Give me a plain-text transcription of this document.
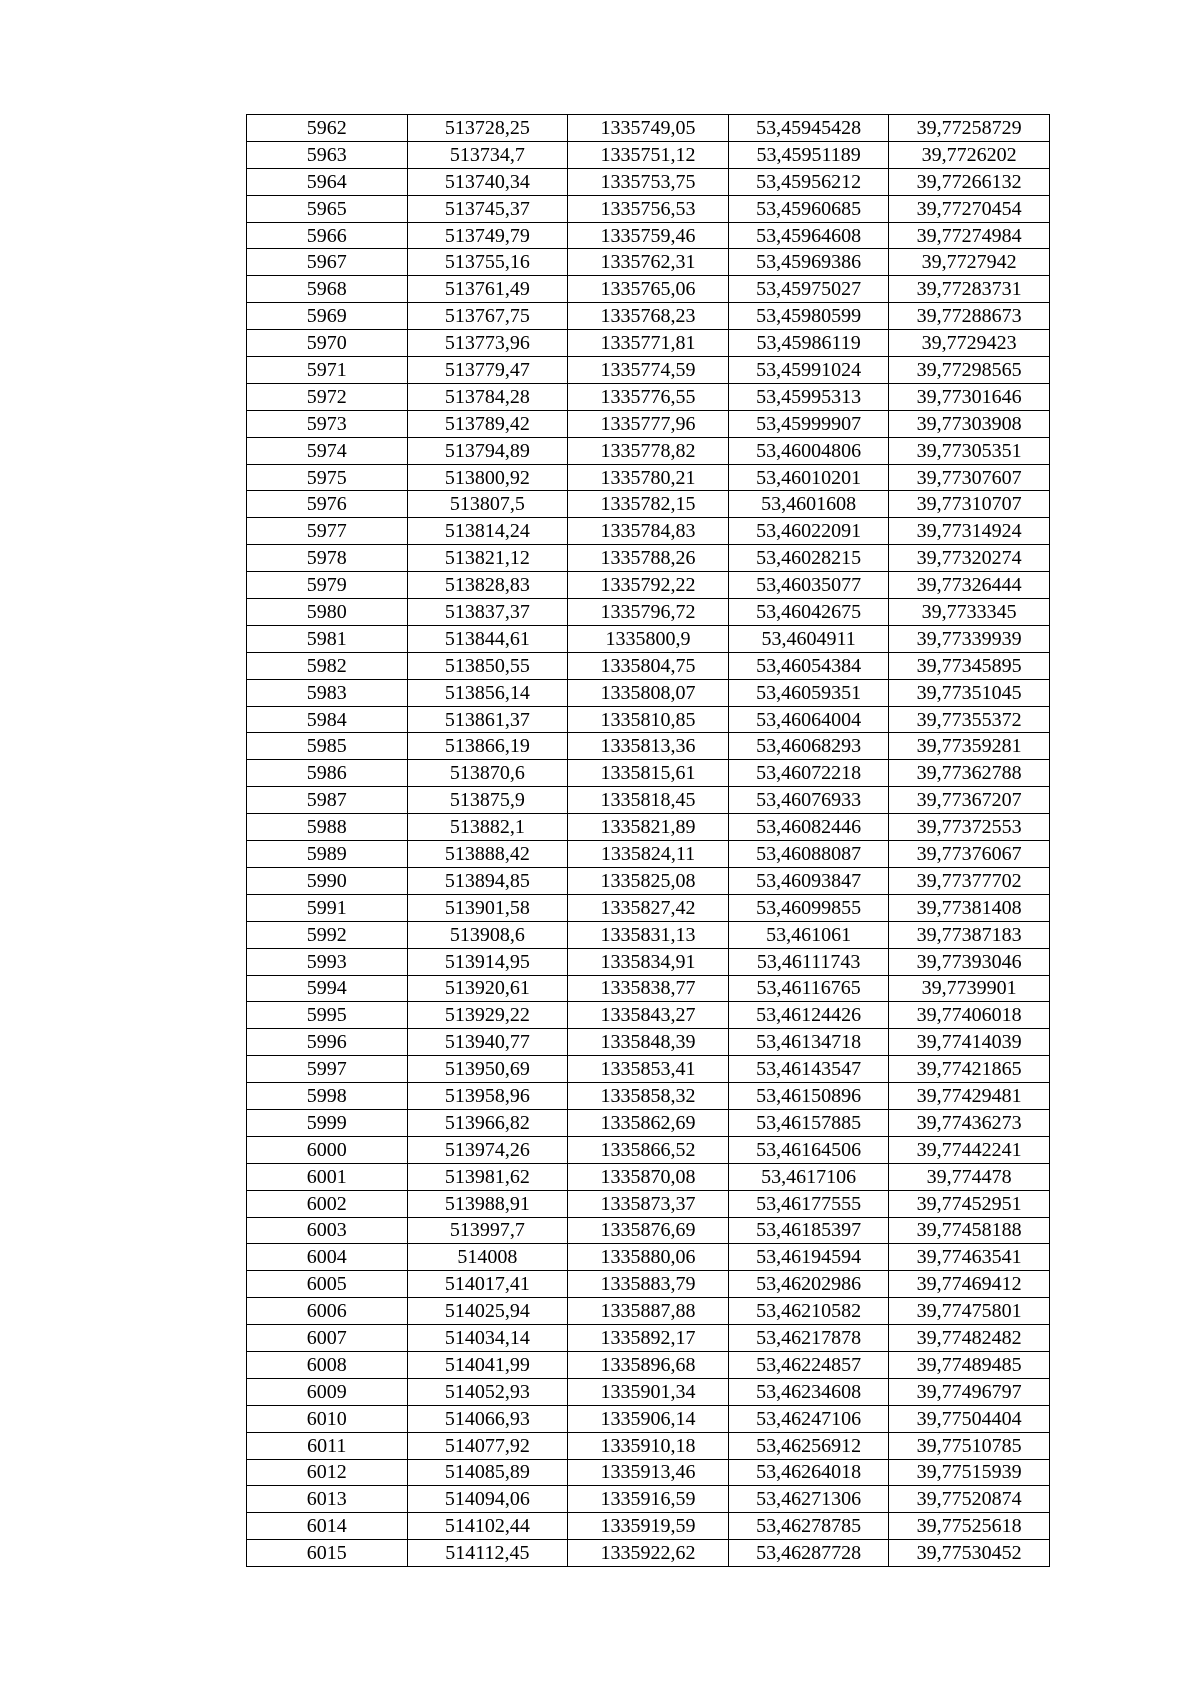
5962	513728,25	1335749,05	53,45945428	39,77258729
5963	513734,7	1335751,12	53,45951189	39,7726202
5964	513740,34	1335753,75	53,45956212	39,77266132
5965	513745,37	1335756,53	53,45960685	39,77270454
5966	513749,79	1335759,46	53,45964608	39,77274984
5967	513755,16	1335762,31	53,45969386	39,7727942
5968	513761,49	1335765,06	53,45975027	39,77283731
5969	513767,75	1335768,23	53,45980599	39,77288673
5970	513773,96	1335771,81	53,45986119	39,7729423
5971	513779,47	1335774,59	53,45991024	39,77298565
5972	513784,28	1335776,55	53,45995313	39,77301646
5973	513789,42	1335777,96	53,45999907	39,77303908
5974	513794,89	1335778,82	53,46004806	39,77305351
5975	513800,92	1335780,21	53,46010201	39,77307607
5976	513807,5	1335782,15	53,4601608	39,77310707
5977	513814,24	1335784,83	53,46022091	39,77314924
5978	513821,12	1335788,26	53,46028215	39,77320274
5979	513828,83	1335792,22	53,46035077	39,77326444
5980	513837,37	1335796,72	53,46042675	39,7733345
5981	513844,61	1335800,9	53,4604911	39,77339939
5982	513850,55	1335804,75	53,46054384	39,77345895
5983	513856,14	1335808,07	53,46059351	39,77351045
5984	513861,37	1335810,85	53,46064004	39,77355372
5985	513866,19	1335813,36	53,46068293	39,77359281
5986	513870,6	1335815,61	53,46072218	39,77362788
5987	513875,9	1335818,45	53,46076933	39,77367207
5988	513882,1	1335821,89	53,46082446	39,77372553
5989	513888,42	1335824,11	53,46088087	39,77376067
5990	513894,85	1335825,08	53,46093847	39,77377702
5991	513901,58	1335827,42	53,46099855	39,77381408
5992	513908,6	1335831,13	53,461061	39,77387183
5993	513914,95	1335834,91	53,46111743	39,77393046
5994	513920,61	1335838,77	53,46116765	39,7739901
5995	513929,22	1335843,27	53,46124426	39,77406018
5996	513940,77	1335848,39	53,46134718	39,77414039
5997	513950,69	1335853,41	53,46143547	39,77421865
5998	513958,96	1335858,32	53,46150896	39,77429481
5999	513966,82	1335862,69	53,46157885	39,77436273
6000	513974,26	1335866,52	53,46164506	39,77442241
6001	513981,62	1335870,08	53,4617106	39,774478
6002	513988,91	1335873,37	53,46177555	39,77452951
6003	513997,7	1335876,69	53,46185397	39,77458188
6004	514008	1335880,06	53,46194594	39,77463541
6005	514017,41	1335883,79	53,46202986	39,77469412
6006	514025,94	1335887,88	53,46210582	39,77475801
6007	514034,14	1335892,17	53,46217878	39,77482482
6008	514041,99	1335896,68	53,46224857	39,77489485
6009	514052,93	1335901,34	53,46234608	39,77496797
6010	514066,93	1335906,14	53,46247106	39,77504404
6011	514077,92	1335910,18	53,46256912	39,77510785
6012	514085,89	1335913,46	53,46264018	39,77515939
6013	514094,06	1335916,59	53,46271306	39,77520874
6014	514102,44	1335919,59	53,46278785	39,77525618
6015	514112,45	1335922,62	53,46287728	39,77530452
